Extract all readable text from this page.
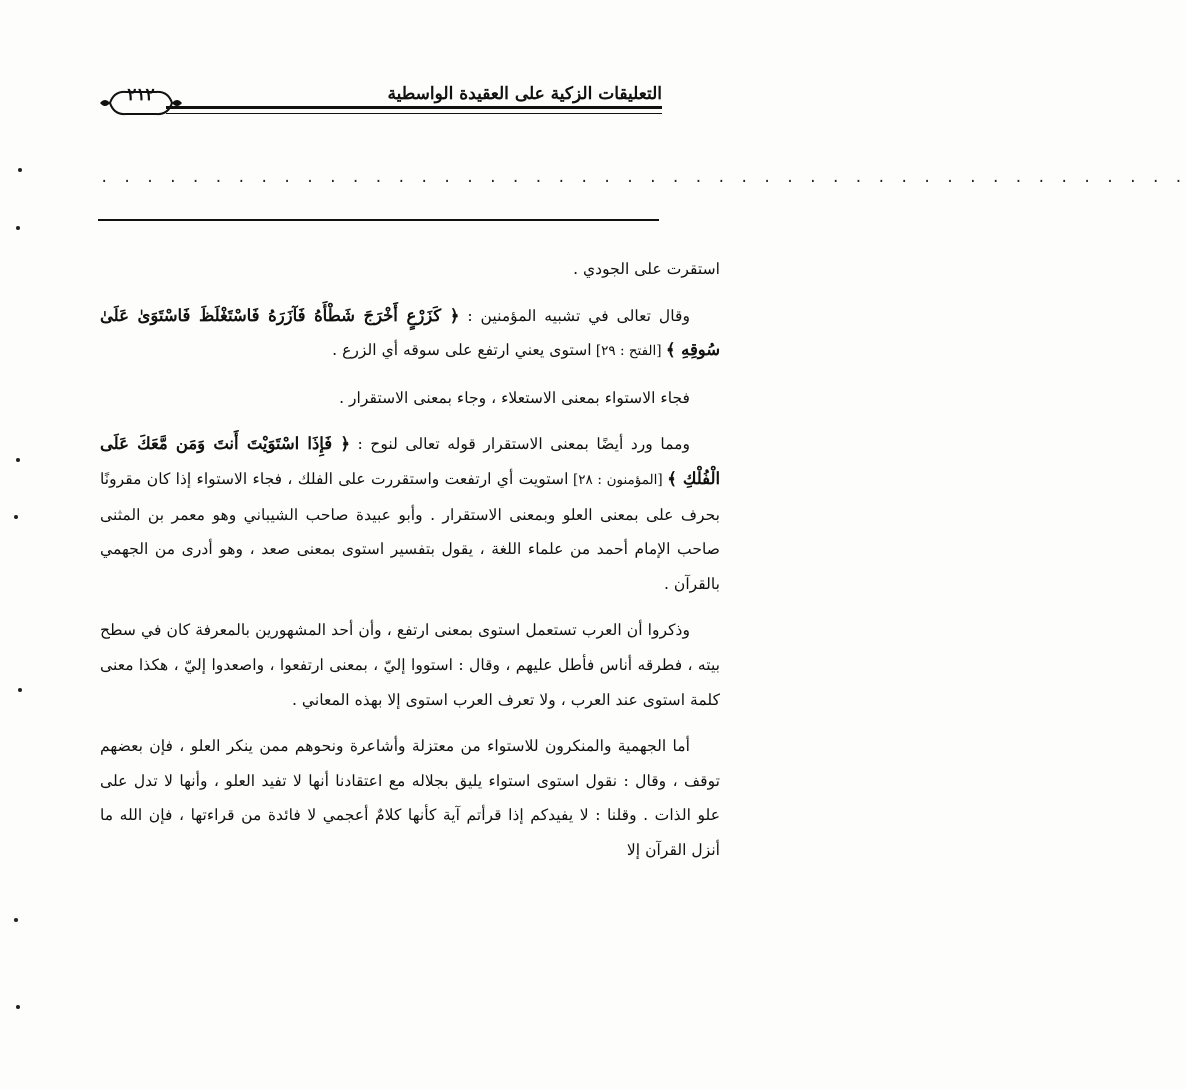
٢١٢	التعليقات الزكية على العقيدة الواسطية
. . . . . . . . . . . . . . . . . . . . . . . . . . . . . . . . . . . . . . . . . . . . . . . .

استقرت على الجودي .

وقال تعالى في تشبيه المؤمنين : ﴿ كَزَرْعٍ أَخْرَجَ شَطْأَهُ فَآزَرَهُ فَاسْتَغْلَظَ فَاسْتَوَىٰ عَلَىٰ سُوقِهِ ﴾ [الفتح : ٢٩] استوى يعني ارتفع على سوقه أي الزرع .

فجاء الاستواء بمعنى الاستعلاء ، وجاء بمعنى الاستقرار .

ومما ورد أيضًا بمعنى الاستقرار قوله تعالى لنوح : ﴿ فَإِذَا اسْتَوَيْتَ أَنتَ وَمَن مَّعَكَ عَلَى الْفُلْكِ ﴾ [المؤمنون : ٢٨] استويت أي ارتفعت واستقررت على الفلك ، فجاء الاستواء إذا كان مقرونًا بحرف على بمعنى العلو وبمعنى الاستقرار . وأبو عبيدة صاحب الشيباني وهو معمر بن المثنى صاحب الإمام أحمد من علماء اللغة ، يقول بتفسير استوى بمعنى صعد ، وهو أدرى من الجهمي بالقرآن .

وذكروا أن العرب تستعمل استوى بمعنى ارتفع ، وأن أحد المشهورين بالمعرفة كان في سطح بيته ، فطرقه أناس فأطل عليهم ، وقال : استووا إليّ ، بمعنى ارتفعوا ، واصعدوا إليّ ، هكذا معنى كلمة استوى عند العرب ، ولا تعرف العرب استوى إلا بهذه المعاني .

أما الجهمية والمنكرون للاستواء من معتزلة وأشاعرة ونحوهم ممن ينكر العلو ، فإن بعضهم توقف ، وقال : نقول استوى استواء يليق بجلاله مع اعتقادنا أنها لا تفيد العلو ، وأنها لا تدل على علو الذات . وقلنا : لا يفيدكم إذا قرأتم آية كأنها كلامٌ أعجمي لا فائدة من قراءتها ، فإن الله ما أنزل القرآن إلا
